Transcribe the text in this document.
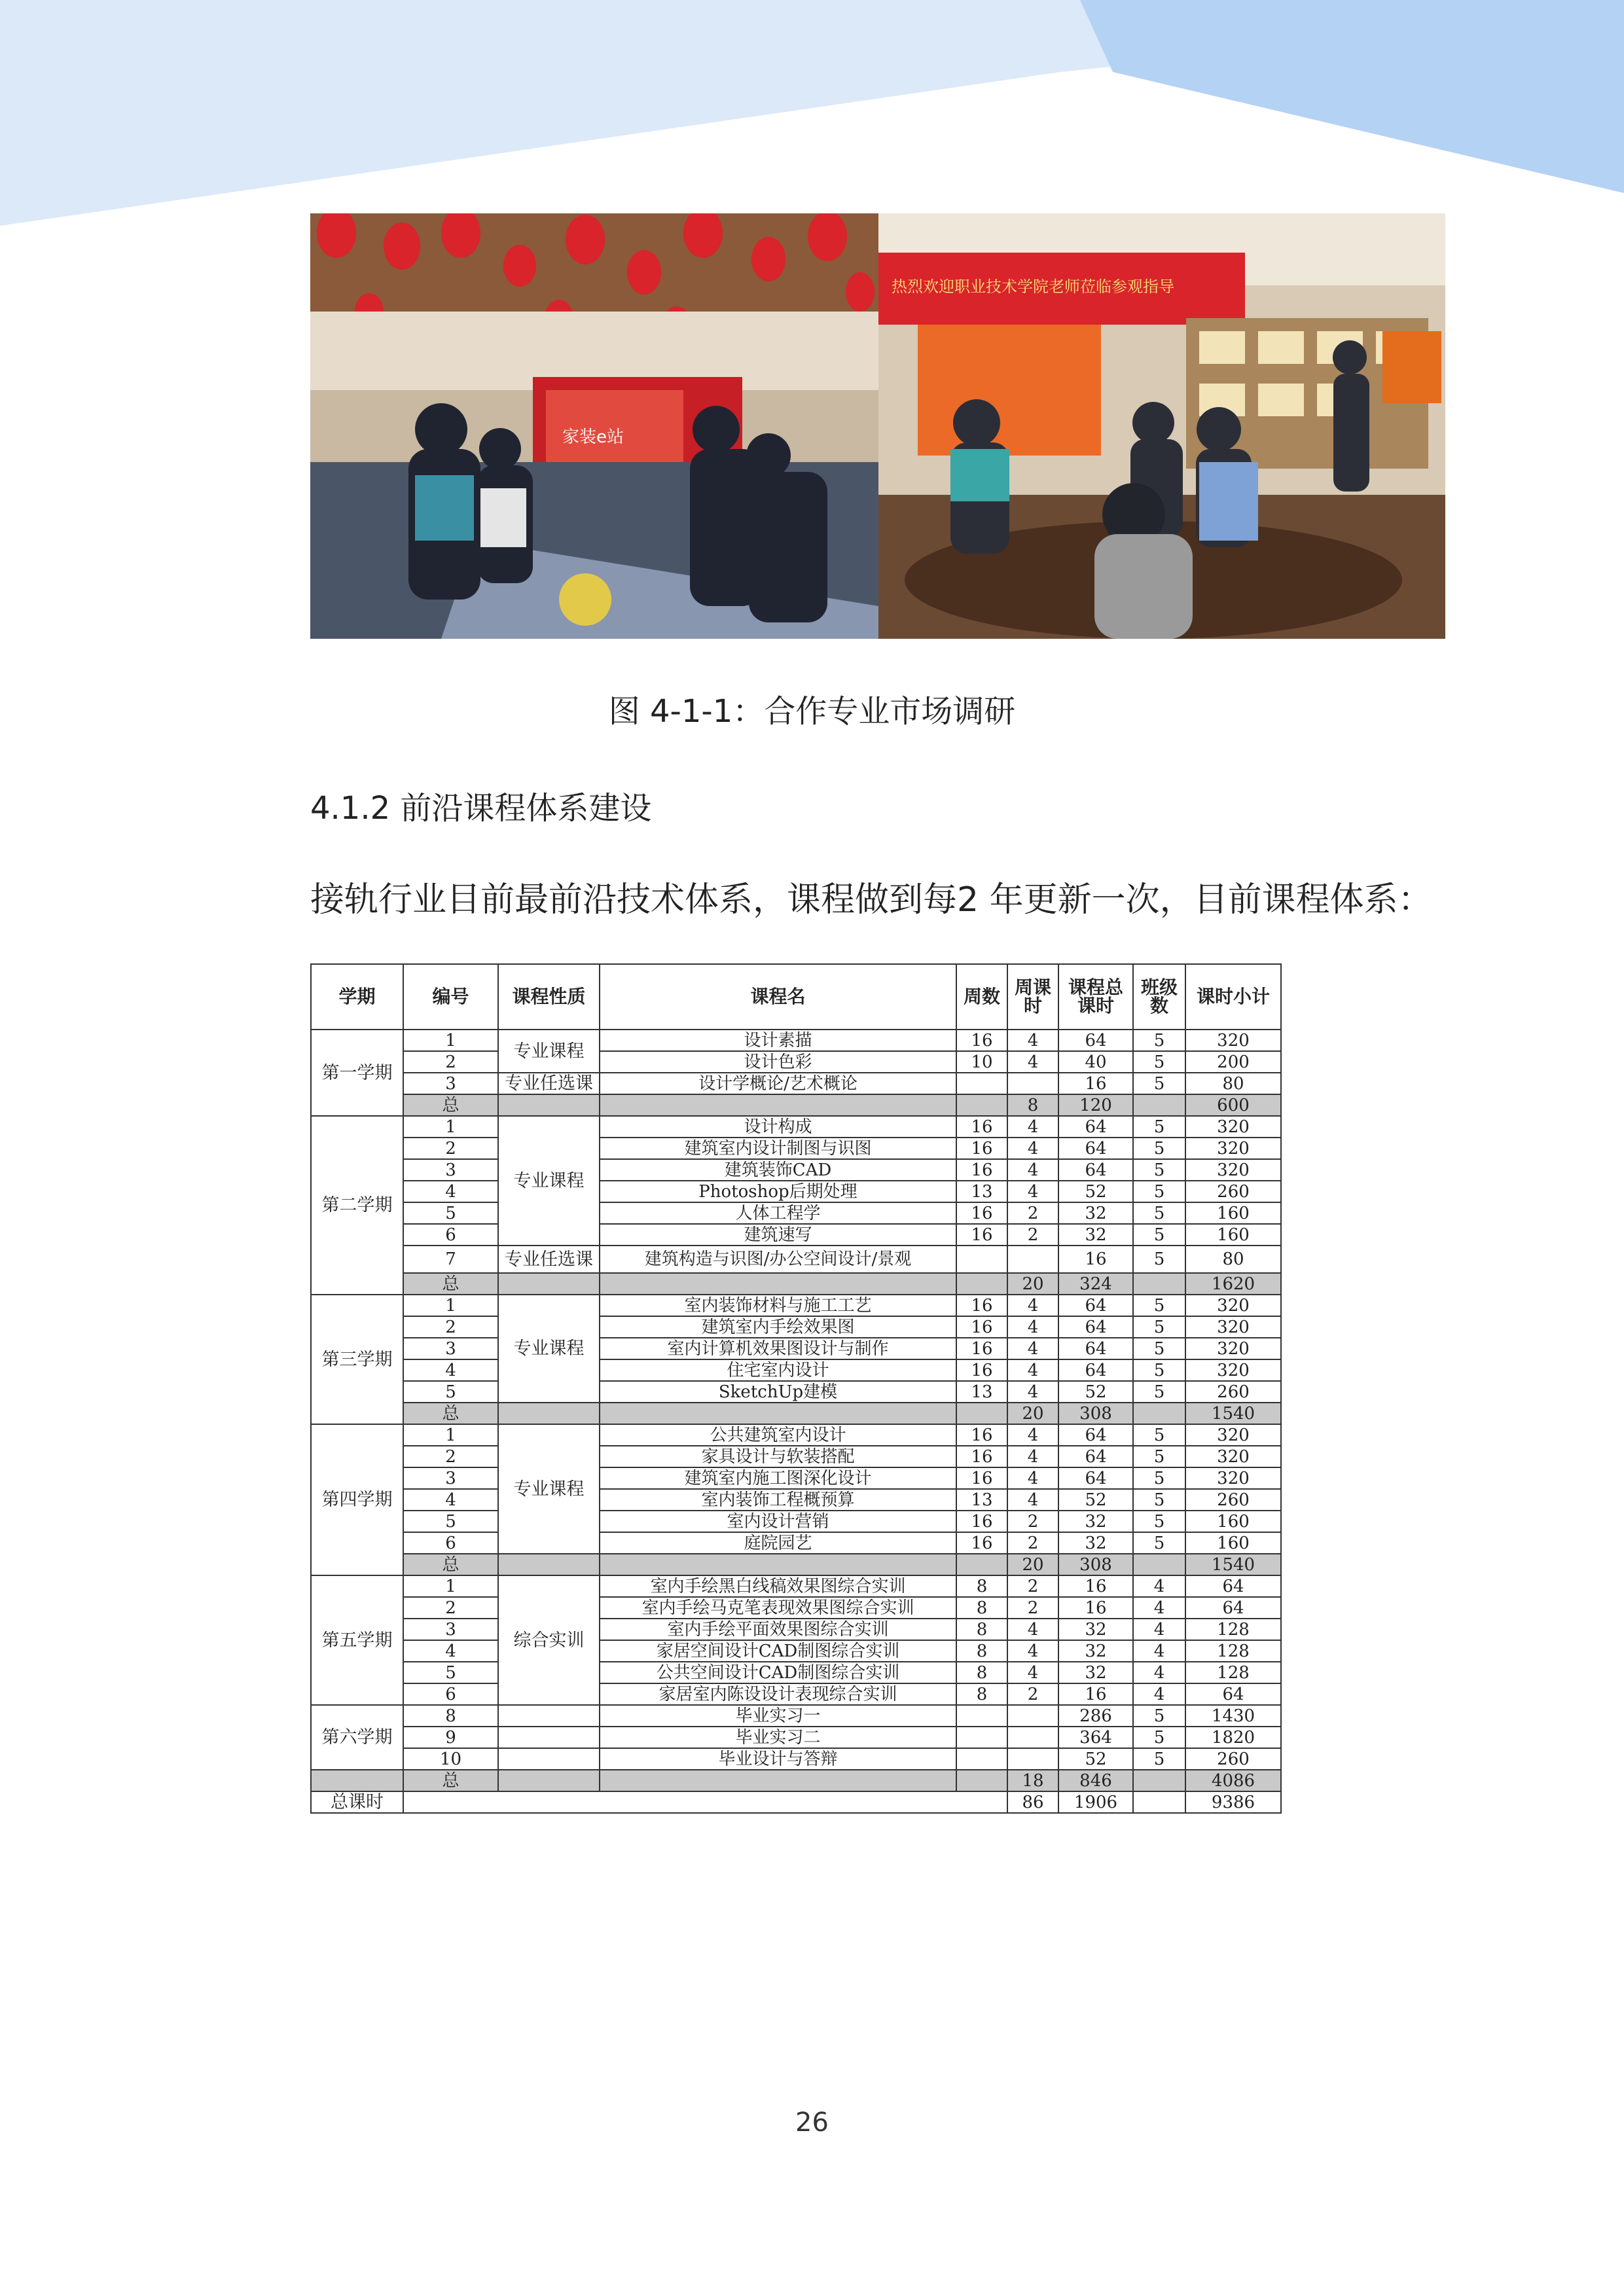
家装e站
热烈欢迎职业技术学院老师莅临参观指导
图 4-1-1：合作专业市场调研
4.1.2 前沿课程体系建设
接轨行业目前最前沿技术体系，课程做到每2 年更新一次，目前课程体系：
学期	编号	课程性质	课程名	周数	周课时	课程总课时	班级数	课时小计
第一学期	1	专业课程	设计素描	16	4	64	5	320
	2		设计色彩	10	4	40	5	200
	3	专业任选课	设计学概论/艺术概论			16	5	80
	总				8	120		600
第二学期	1	专业课程	设计构成	16	4	64	5	320
	2		建筑室内设计制图与识图	16	4	64	5	320
	3		建筑装饰CAD	16	4	64	5	320
	4		Photoshop后期处理	13	4	52	5	260
	5		人体工程学	16	2	32	5	160
	6		建筑速写	16	2	32	5	160
	7	专业任选课	建筑构造与识图/办公空间设计/景观			16	5	80
	总				20	324		1620
第三学期	1	专业课程	室内装饰材料与施工工艺	16	4	64	5	320
	2		建筑室内手绘效果图	16	4	64	5	320
	3		室内计算机效果图设计与制作	16	4	64	5	320
	4		住宅室内设计	16	4	64	5	320
	5		SketchUp建模	13	4	52	5	260
	总				20	308		1540
第四学期	1	专业课程	公共建筑室内设计	16	4	64	5	320
	2		家具设计与软装搭配	16	4	64	5	320
	3		建筑室内施工图深化设计	16	4	64	5	320
	4		室内装饰工程概预算	13	4	52	5	260
	5		室内设计营销	16	2	32	5	160
	6		庭院园艺	16	2	32	5	160
	总				20	308		1540
第五学期	1	综合实训	室内手绘黑白线稿效果图综合实训	8	2	16	4	64
	2		室内手绘马克笔表现效果图综合实训	8	2	16	4	64
	3		室内手绘平面效果图综合实训	8	4	32	4	128
	4		家居空间设计CAD制图综合实训	8	4	32	4	128
	5		公共空间设计CAD制图综合实训	8	4	32	4	128
	6		家居室内陈设设计表现综合实训	8	2	16	4	64
第六学期	8		毕业实习一			286	5	1430
	9		毕业实习二			364	5	1820
	10		毕业设计与答辩			52	5	260
	总				18	846		4086
总课时					86	1906		9386
26
